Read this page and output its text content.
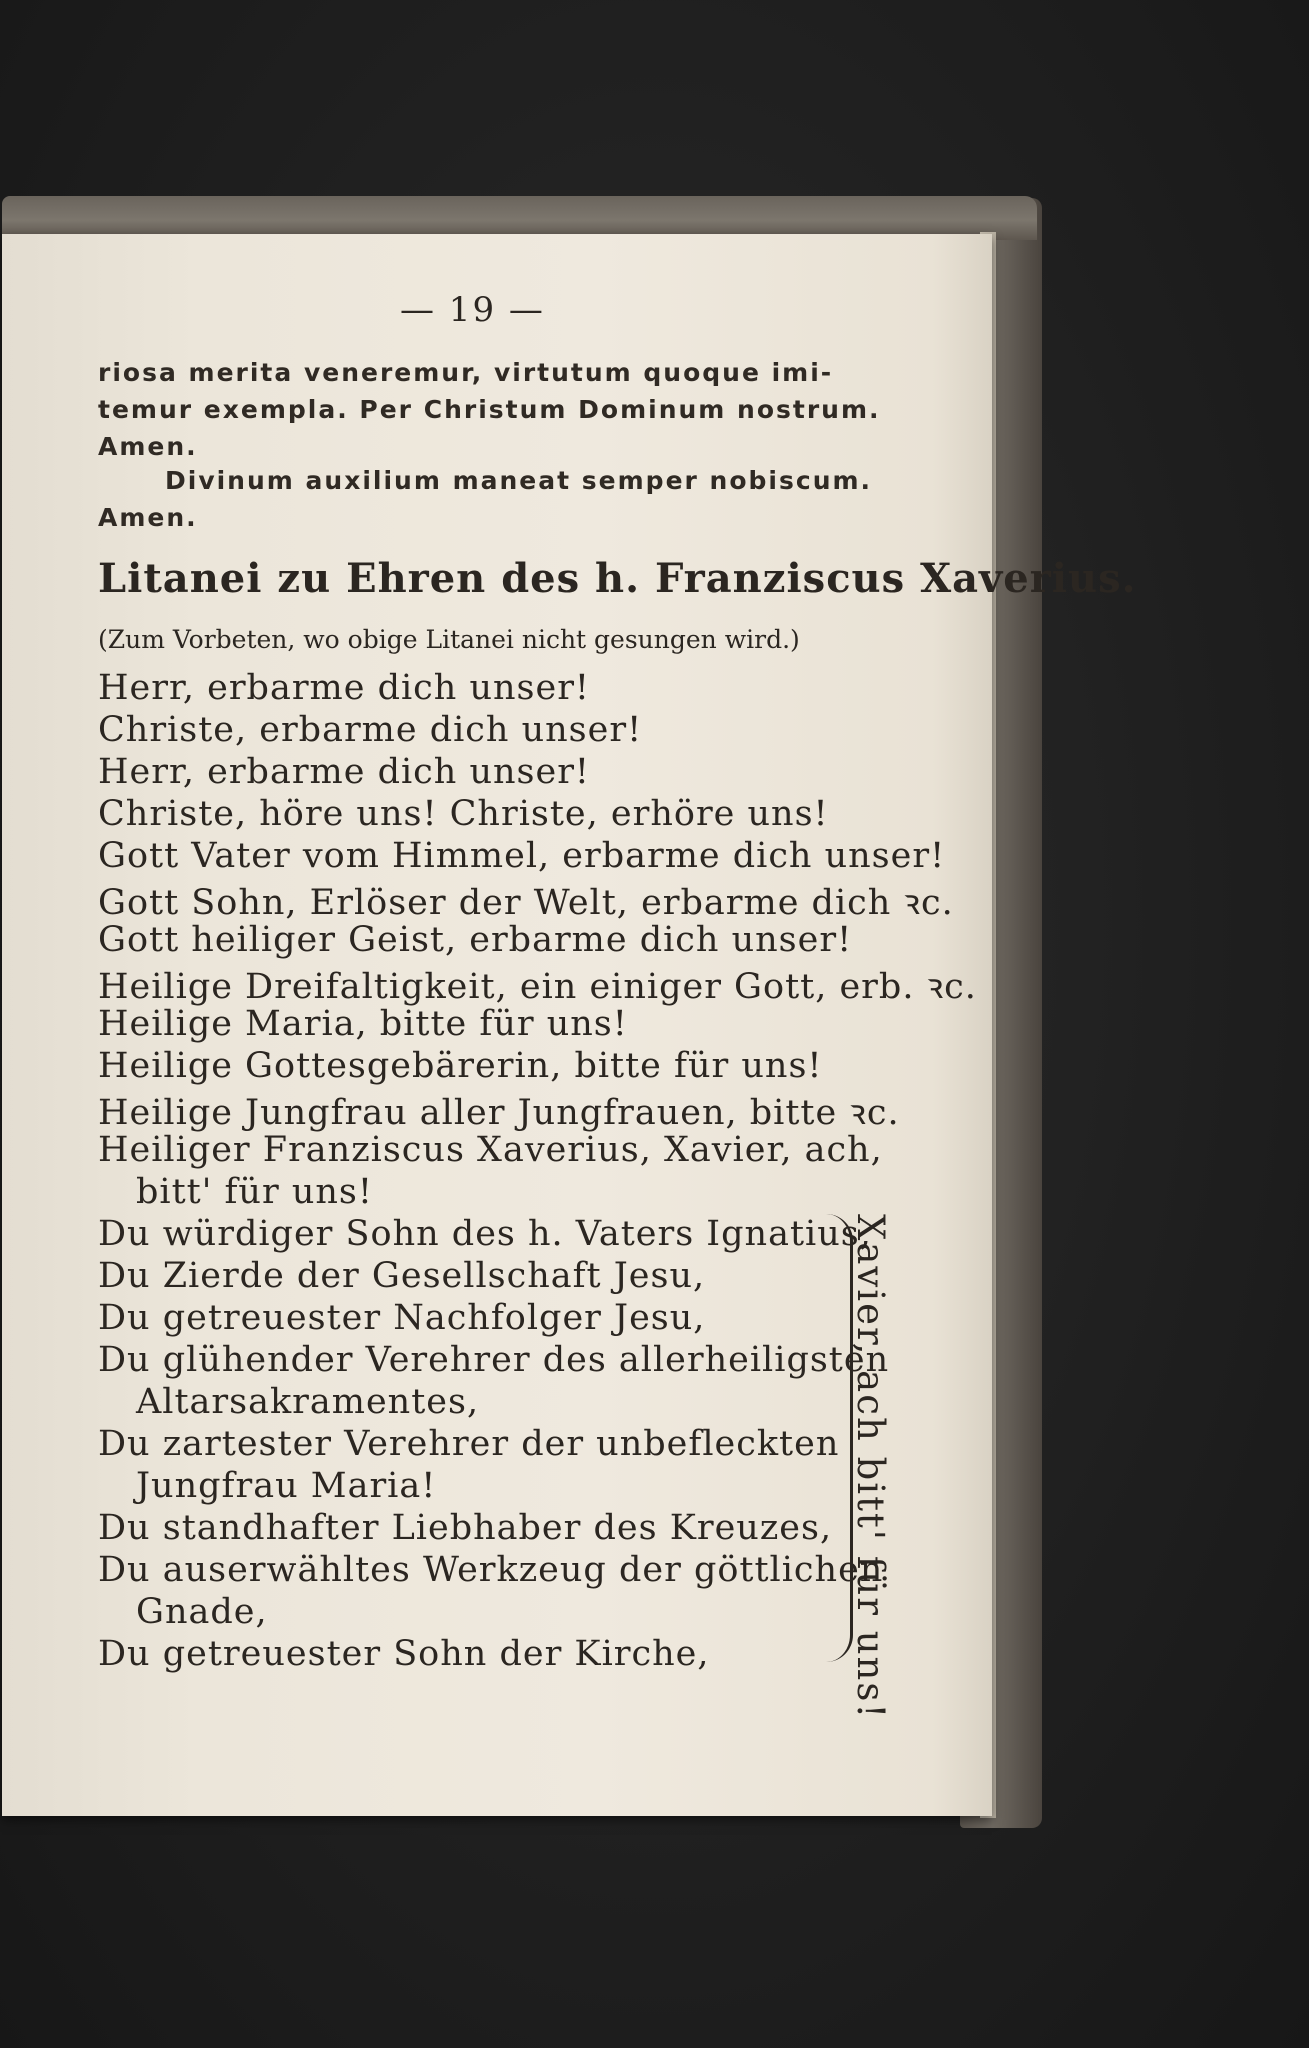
— 19 —
riosa merita veneremur, virtutum quoque imi-
temur exempla. Per Christum Dominum nostrum.
Amen.
Divinum auxilium maneat semper nobiscum.
Amen.
Litanei zu Ehren des h. Franziscus Xaverius.
(Zum Vorbeten, wo obige Litanei nicht gesungen wird.)
Herr, erbarme dich unser!
Christe, erbarme dich unser!
Herr, erbarme dich unser!
Christe, höre uns! Christe, erhöre uns!
Gott Vater vom Himmel, erbarme dich unser!
Gott Sohn, Erlöser der Welt, erbarme dich ꝛc.
Gott heiliger Geist, erbarme dich unser!
Heilige Dreifaltigkeit, ein einiger Gott, erb. ꝛc.
Heilige Maria, bitte für uns!
Heilige Gottesgebärerin, bitte für uns!
Heilige Jungfrau aller Jungfrauen, bitte ꝛc.
Heiliger Franziscus Xaverius, Xavier, ach,
bitt' für uns!
Du würdiger Sohn des h. Vaters Ignatius,
Du Zierde der Gesellschaft Jesu,
Du getreuester Nachfolger Jesu,
Du glühender Verehrer des allerheiligsten
Altarsakramentes,
Du zartester Verehrer der unbefleckten
Jungfrau Maria!
Du standhafter Liebhaber des Kreuzes,
Du auserwähltes Werkzeug der göttlichen
Gnade,
Du getreuester Sohn der Kirche,	Xavier, ach bitt' für uns!
